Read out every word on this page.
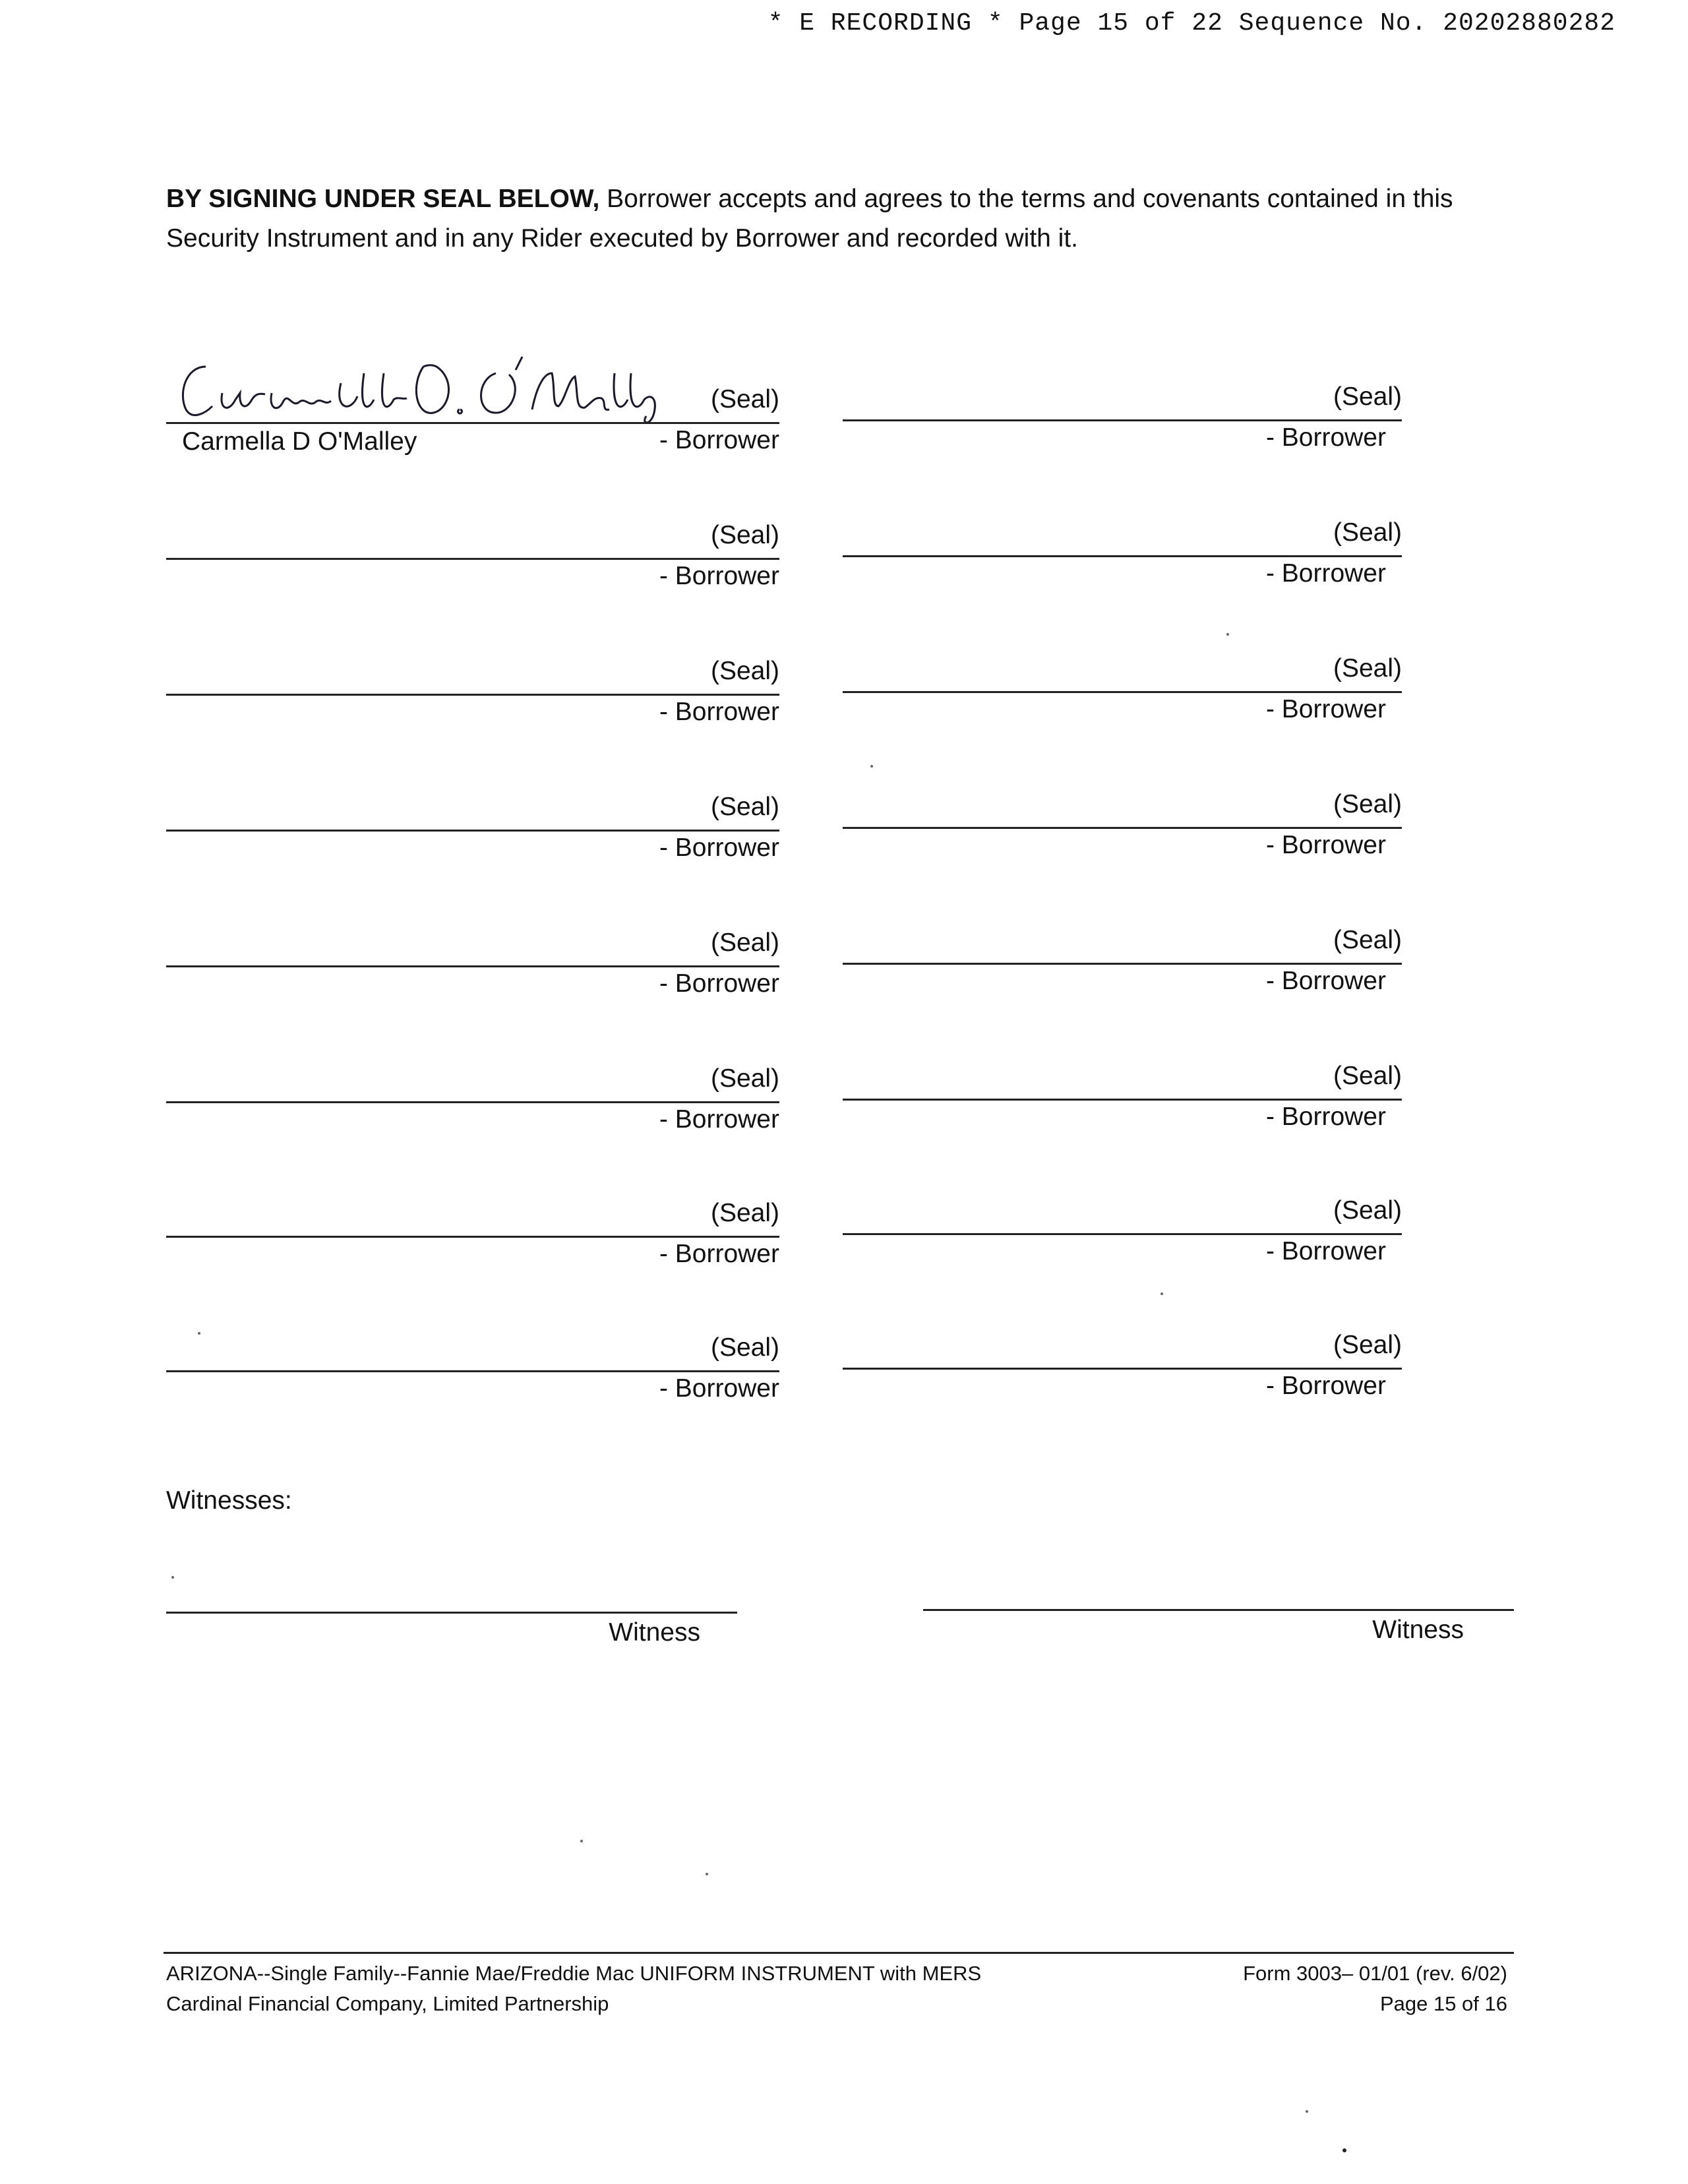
* E RECORDING * Page 15 of 22 Sequence No. 20202880282
BY SIGNING UNDER SEAL BELOW, Borrower accepts and agrees to the terms and covenants contained in this Security Instrument and in any Rider executed by Borrower and recorded with it.
(Seal)
Carmella D O'Malley	- Borrower
(Seal)
- Borrower
(Seal)
- Borrower
(Seal)
- Borrower
(Seal)
- Borrower
(Seal)
- Borrower
(Seal)
- Borrower
(Seal)
- Borrower
(Seal)
- Borrower
(Seal)
- Borrower
(Seal)
- Borrower
(Seal)
- Borrower
(Seal)
- Borrower
(Seal)
- Borrower
(Seal)
- Borrower
(Seal)
- Borrower
Witnesses:
Witness	Witness
ARIZONA--Single Family--Fannie Mae/Freddie Mac UNIFORM INSTRUMENT with MERS
Cardinal Financial Company, Limited Partnership
Form 3003– 01/01 (rev. 6/02)
Page 15 of 16
